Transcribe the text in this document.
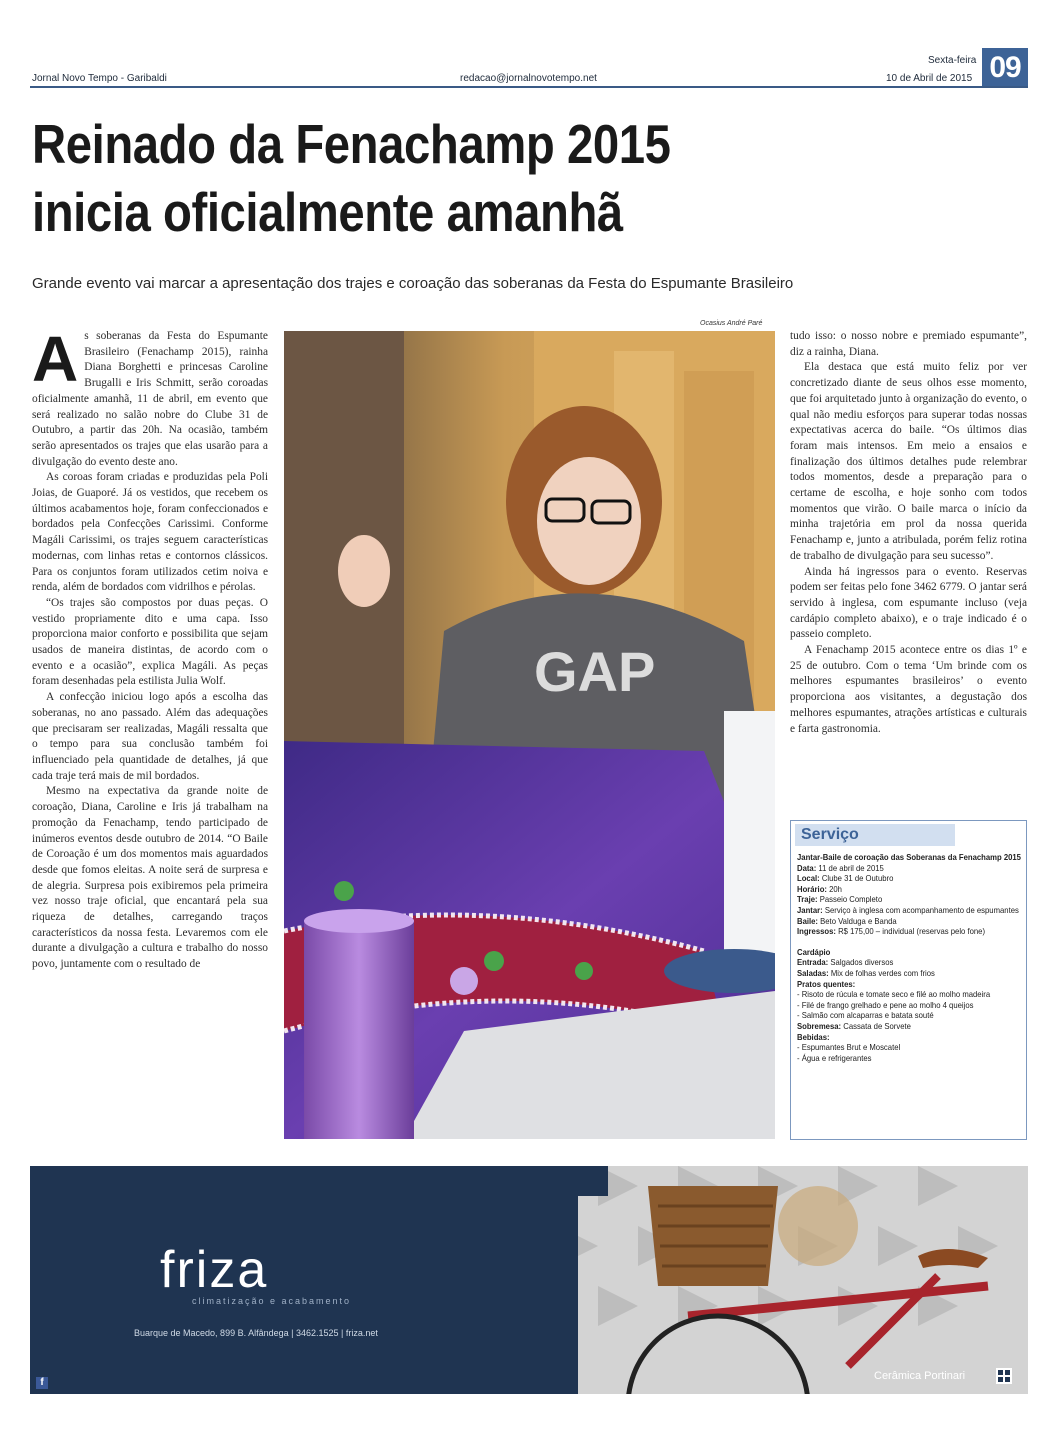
Jornal Novo Tempo - Garibaldi	redacao@jornalnovotempo.net
Sexta-feira
10 de Abril de 2015 09
Reinado da Fenachamp 2015
inicia oficialmente amanhã
Grande evento vai marcar a apresentação dos trajes e coroação das soberanas da Festa do Espumante Brasileiro

As soberanas da Festa do Espumante Brasileiro (Fenachamp 2015), rainha Diana Borghetti e princesas Caroline Brugalli e Iris Schmitt, serão coroadas oficialmente amanhã, 11 de abril, em evento que será realizado no salão nobre do Clube 31 de Outubro, a partir das 20h. Na ocasião, também serão apresentados os trajes que elas usarão para a divulgação do evento deste ano.

As coroas foram criadas e produzidas pela Poli Joias, de Guaporé. Já os vestidos, que recebem os últimos acabamentos hoje, foram confeccionados e bordados pela Confecções Carissimi. Conforme Magáli Carissimi, os trajes seguem características modernas, com linhas retas e contornos clássicos. Para os conjuntos foram utilizados cetim noiva e renda, além de bordados com vidrilhos e pérolas.

“Os trajes são compostos por duas peças. O vestido propriamente dito e uma capa. Isso proporciona maior conforto e possibilita que sejam usados de maneira distintas, de acordo com o evento e a ocasião”, explica Magáli. As peças foram desenhadas pela estilista Julia Wolf.

A confecção iniciou logo após a escolha das soberanas, no ano passado. Além das adequações que precisaram ser realizadas, Magáli ressalta que o tempo para sua conclusão também foi influenciado pela quantidade de detalhes, já que cada traje terá mais de mil bordados.

Mesmo na expectativa da grande noite de coroação, Diana, Caroline e Iris já trabalham na promoção da Fenachamp, tendo participado de inúmeros eventos desde outubro de 2014. “O Baile de Coroação é um dos momentos mais aguardados desde que fomos eleitas. A noite será de surpresa e de alegria. Surpresa pois exibiremos pela primeira vez nosso traje oficial, que encantará pela sua riqueza de detalhes, carregando traços característicos da nossa festa. Levaremos com ele durante a divulgação a cultura e trabalho do nosso povo, juntamente com o resultado de

Ocasius André Paré
GAP

tudo isso: o nosso nobre e premiado espumante”, diz a rainha, Diana.

Ela destaca que está muito feliz por ver concretizado diante de seus olhos esse momento, que foi arquitetado junto à organização do evento, o qual não mediu esforços para superar todas nossas expectativas acerca do baile. “Os últimos dias foram mais intensos. Em meio a ensaios e finalização dos últimos detalhes pude relembrar todos momentos, desde a preparação para o certame de escolha, e hoje sonho com todos momentos que virão. O baile marca o início da minha trajetória em prol da nossa querida Fenachamp e, junto a atribulada, porém feliz rotina de trabalho de divulgação para seu sucesso”.

Ainda há ingressos para o evento. Reservas podem ser feitas pelo fone 3462 6779. O jantar será servido à inglesa, com espumante incluso (veja cardápio completo abaixo), e o traje indicado é o passeio completo.

A Fenachamp 2015 acontece entre os dias 1º e 25 de outubro. Com o tema ‘Um brinde com os melhores espumantes brasileiros’ o evento proporciona aos visitantes, a degustação dos melhores espumantes, atrações artísticas e culturais e farta gastronomia.

Serviço
Jantar-Baile de coroação das Soberanas da Fenachamp 2015
Data: 11 de abril de 2015
Local: Clube 31 de Outubro
Horário: 20h
Traje: Passeio Completo
Jantar: Serviço à inglesa com acompanhamento de espumantes
Baile: Beto Valduga e Banda
Ingressos: R$ 175,00 – individual (reservas pelo fone)
Cardápio
Entrada: Salgados diversos
Saladas: Mix de folhas verdes com frios
Pratos quentes:
- Risoto de rúcula e tomate seco e filé ao molho madeira
- Filé de frango grelhado e pene ao molho 4 queijos
- Salmão com alcaparras e batata souté
Sobremesa: Cassata de Sorvete
Bebidas:
- Espumantes Brut e Moscatel
- Água e refrigerantes
friza
climatização e acabamento
Buarque de Macedo, 899 B. Alfândega | 3462.1525 | friza.net
f
Cerâmica Portinari
